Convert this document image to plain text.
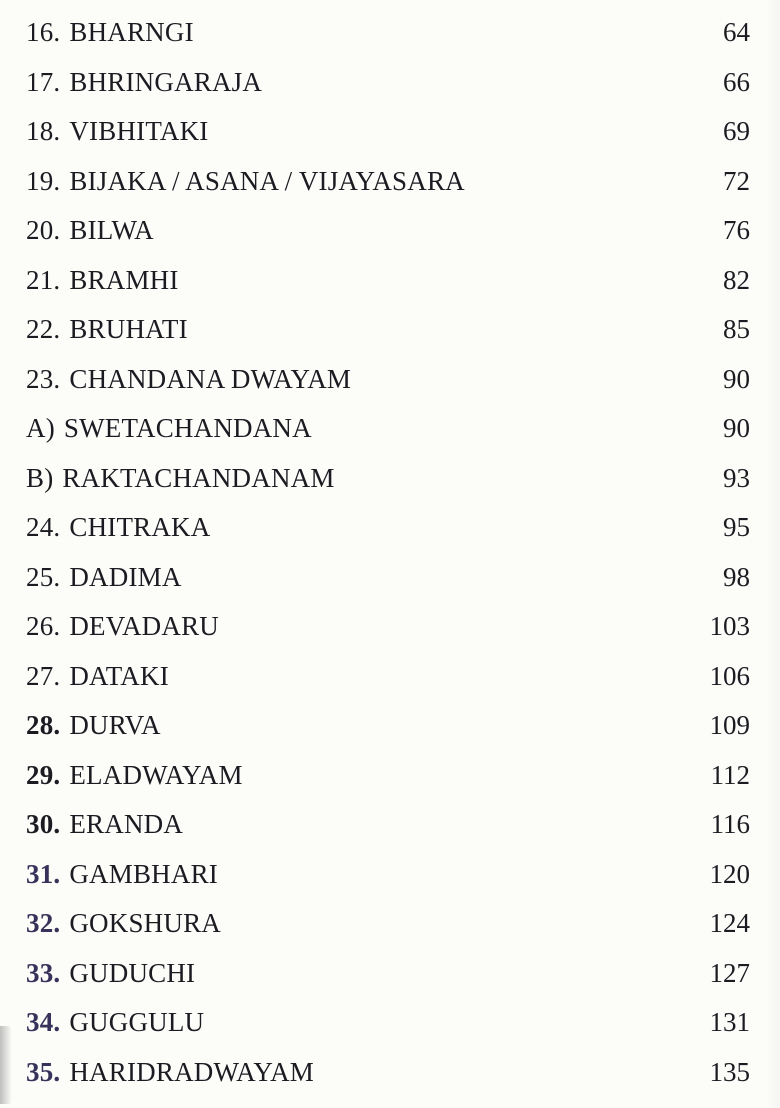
16. BHARNGI	64
17. BHRINGARAJA	66
18. VIBHITAKI	69
19. BIJAKA / ASANA / VIJAYASARA	72
20. BILWA	76
21. BRAMHI	82
22. BRUHATI	85
23. CHANDANA DWAYAM	90
A) SWETACHANDANA	90
B) RAKTACHANDANAM	93
24. CHITRAKA	95
25. DADIMA	98
26. DEVADARU	103
27. DATAKI	106
28. DURVA	109
29. ELADWAYAM	112
30. ERANDA	116
31. GAMBHARI	120
32. GOKSHURA	124
33. GUDUCHI	127
34. GUGGULU	131
35. HARIDRADWAYAM	135
